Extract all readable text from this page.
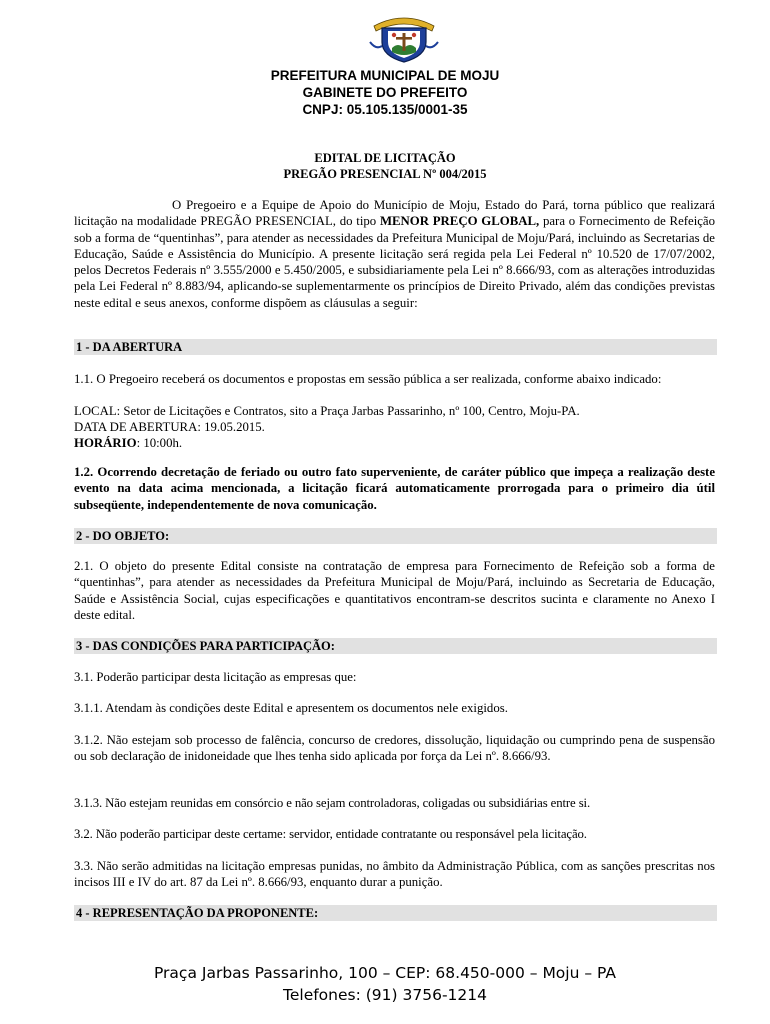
PREFEITURA MUNICIPAL DE MOJU
GABINETE DO PREFEITO
CNPJ: 05.105.135/0001-35
EDITAL DE LICITAÇÃO
PREGÃO PRESENCIAL Nº 004/2015

O Pregoeiro e a Equipe de Apoio do Município de Moju, Estado do Pará, torna público que realizará licitação na modalidade PREGÃO PRESENCIAL, do tipo MENOR PREÇO GLOBAL, para o Fornecimento de Refeição sob a forma de “quentinhas”, para atender as necessidades da Prefeitura Municipal de Moju/Pará, incluindo as Secretarias de Educação, Saúde e Assistência do Município. A presente licitação será regida pela Lei Federal nº 10.520 de 17/07/2002, pelos Decretos Federais nº 3.555/2000 e 5.450/2005, e subsidiariamente pela Lei nº 8.666/93, com as alterações introduzidas pela Lei Federal nº 8.883/94, aplicando-se suplementarmente os princípios de Direito Privado, além das condições previstas neste edital e seus anexos, conforme dispõem as cláusulas a seguir:

1 - DA ABERTURA

1.1. O Pregoeiro receberá os documentos e propostas em sessão pública a ser realizada, conforme abaixo indicado:

LOCAL: Setor de Licitações e Contratos, sito a Praça Jarbas Passarinho, nº 100, Centro, Moju-PA.

DATA DE ABERTURA: 19.05.2015.

HORÁRIO: 10:00h.

1.2. Ocorrendo decretação de feriado ou outro fato superveniente, de caráter público que impeça a realização deste evento na data acima mencionada, a licitação ficará automaticamente prorrogada para o primeiro dia útil subseqüente, independentemente de nova comunicação.

2 - DO OBJETO:

2.1. O objeto do presente Edital consiste na contratação de empresa para Fornecimento de Refeição sob a forma de “quentinhas”, para atender as necessidades da Prefeitura Municipal de Moju/Pará, incluindo as Secretaria de Educação, Saúde e Assistência Social, cujas especificações e quantitativos encontram-se descritos sucinta e claramente no Anexo I deste edital.

3 - DAS CONDIÇÕES PARA PARTICIPAÇÃO:

3.1. Poderão participar desta licitação as empresas que:

3.1.1. Atendam às condições deste Edital e apresentem os documentos nele exigidos.

3.1.2. Não estejam sob processo de falência, concurso de credores, dissolução, liquidação ou cumprindo pena de suspensão ou sob declaração de inidoneidade que lhes tenha sido aplicada por força da Lei nº. 8.666/93.

3.1.3. Não estejam reunidas em consórcio e não sejam controladoras, coligadas ou subsidiárias entre si.

3.2. Não poderão participar deste certame: servidor, entidade contratante ou responsável pela licitação.

3.3. Não serão admitidas na licitação empresas punidas, no âmbito da Administração Pública, com as sanções prescritas nos incisos III e IV do art. 87 da Lei nº. 8.666/93, enquanto durar a punição.

4 - REPRESENTAÇÃO DA PROPONENTE:
Praça Jarbas Passarinho, 100 – CEP: 68.450-000 – Moju – PA
Telefones: (91) 3756-1214
